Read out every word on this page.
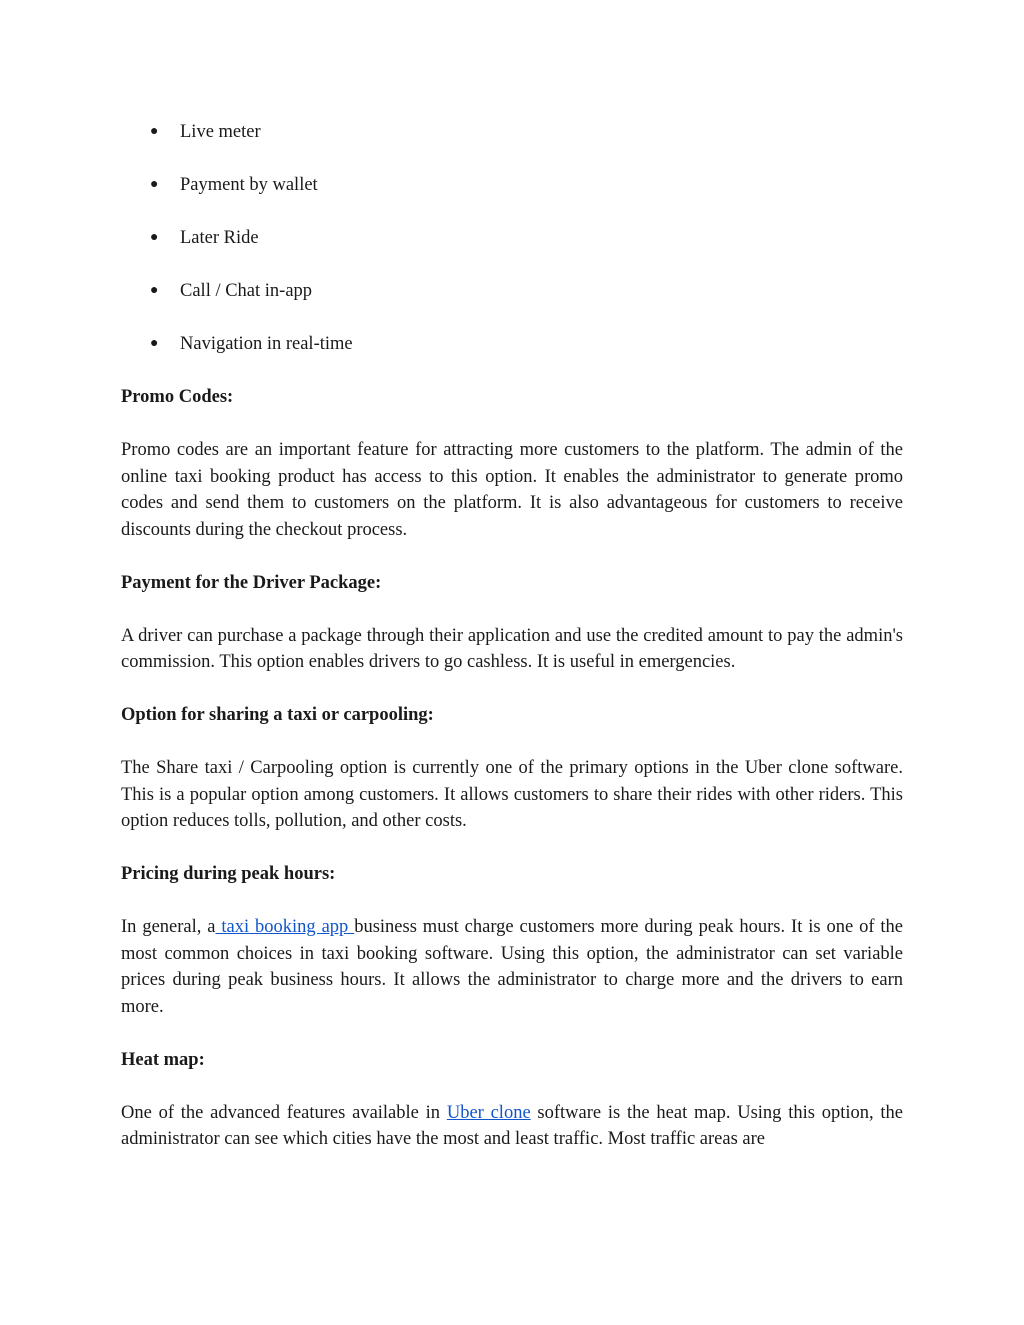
●	Live meter
●	Payment by wallet
●	Later Ride
●	Call / Chat in-app
●	Navigation in real-time
Promo Codes:

Promo codes are an important feature for attracting more customers to the platform. The admin of the online taxi booking product has access to this option. It enables the administrator to generate promo codes and send them to customers on the platform. It is also advantageous for customers to receive discounts during the checkout process.

Payment for the Driver Package:

A driver can purchase a package through their application and use the credited amount to pay the admin's commission. This option enables drivers to go cashless. It is useful in emergencies.

Option for sharing a taxi or carpooling:

The Share taxi / Carpooling option is currently one of the primary options in the Uber clone software. This is a popular option among customers. It allows customers to share their rides with other riders. This option reduces tolls, pollution, and other costs.

Pricing during peak hours:

In general, a taxi booking app business must charge customers more during peak hours. It is one of the most common choices in taxi booking software. Using this option, the administrator can set variable prices during peak business hours. It allows the administrator to charge more and the drivers to earn more.

Heat map:

One of the advanced features available in Uber clone software is the heat map. Using this option, the administrator can see which cities have the most and least traffic. Most traffic areas are
